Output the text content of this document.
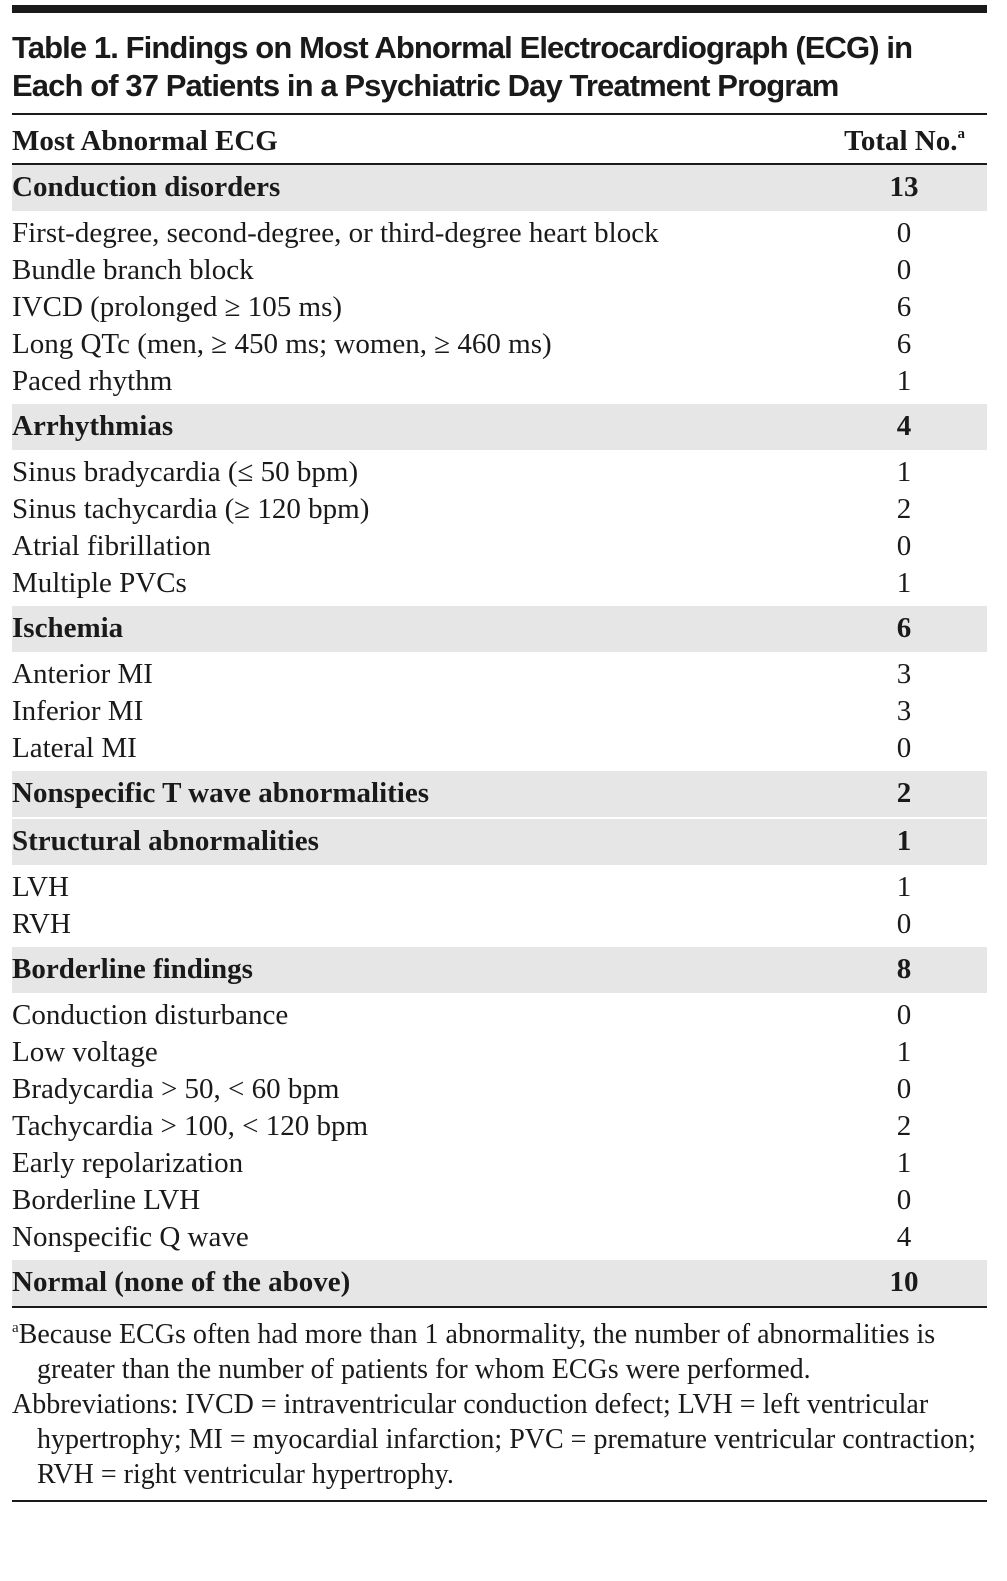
Table 1. Findings on Most Abnormal Electrocardiograph (ECG) in Each of 37 Patients in a Psychiatric Day Treatment Program
Most Abnormal ECG	Total No.$^a$
Conduction disorders	13
First-degree, second-degree, or third-degree heart block	0
Bundle branch block	0
IVCD (prolonged ≥ 105 ms)	6
Long QTc (men, ≥ 450 ms; women, ≥ 460 ms)	6
Paced rhythm	1
Arrhythmias	4
Sinus bradycardia (≤ 50 bpm)	1
Sinus tachycardia (≥ 120 bpm)	2
Atrial fibrillation	0
Multiple PVCs	1
Ischemia	6
Anterior MI	3
Inferior MI	3
Lateral MI	0
Nonspecific T wave abnormalities	2
Structural abnormalities	1
LVH	1
RVH	0
Borderline findings	8
Conduction disturbance	0
Low voltage	1
Bradycardia > 50, < 60 bpm	0
Tachycardia > 100, < 120 bpm	2
Early repolarization	1
Borderline LVH	0
Nonspecific Q wave	4
Normal (none of the above)	10

$^a$Because ECGs often had more than 1 abnormality, the number of abnormalities is greater than the number of patients for whom ECGs were performed.

Abbreviations: IVCD = intraventricular conduction defect; LVH = left ventricular hypertrophy; MI = myocardial infarction; PVC = premature ventricular contraction; RVH = right ventricular hypertrophy.
